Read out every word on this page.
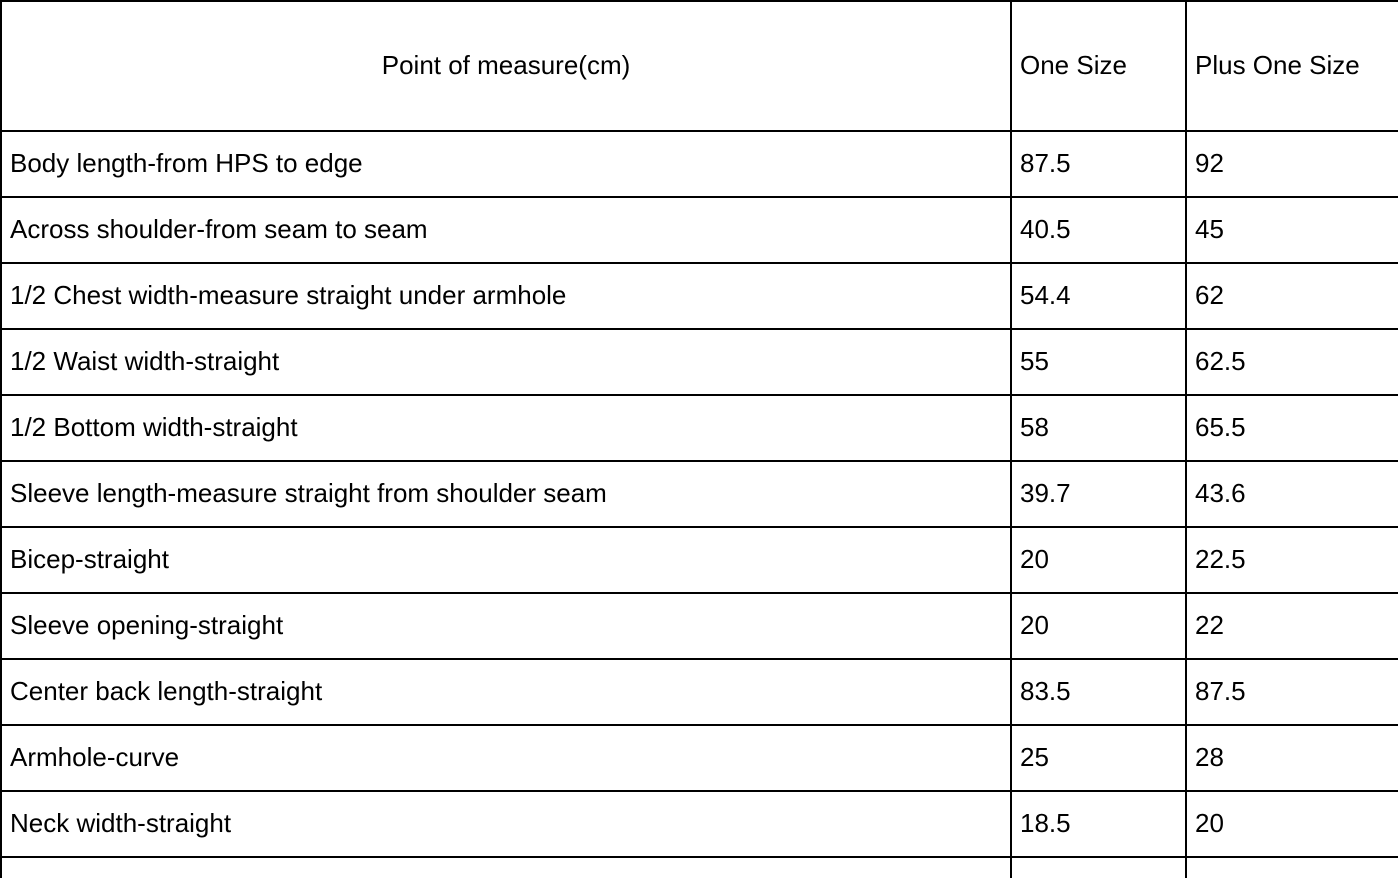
Point of measure(cm)	One Size	Plus One Size	
Body length-from HPS to edge	87.5	92	
Across shoulder-from seam to seam	40.5	45	
1/2 Chest width-measure straight under armhole	54.4	62	
1/2 Waist width-straight	55	62.5	
1/2 Bottom width-straight	58	65.5	
Sleeve length-measure straight from shoulder seam	39.7	43.6	
Bicep-straight	20	22.5	
Sleeve opening-straight	20	22	
Center back length-straight	83.5	87.5	
Armhole-curve	25	28	
Neck width-straight	18.5	20	
